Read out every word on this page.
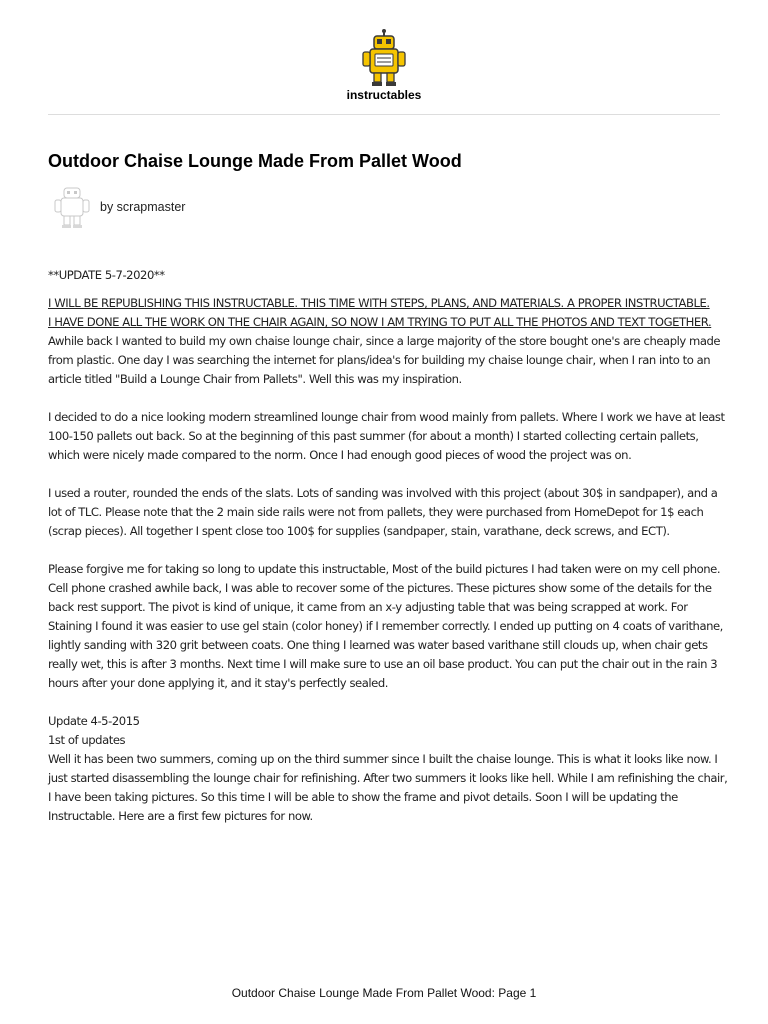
instructables
Outdoor Chaise Lounge Made From Pallet Wood
by scrapmaster

**UPDATE 5-7-2020**

I WILL BE REPUBLISHING THIS INSTRUCTABLE. THIS TIME WITH STEPS, PLANS, AND MATERIALS. A PROPER INSTRUCTABLE.

I HAVE DONE ALL THE WORK ON THE CHAIR AGAIN, SO NOW I AM TRYING TO PUT ALL THE PHOTOS AND TEXT TOGETHER.

Awhile back I wanted to build my own chaise lounge chair, since a large majority of the store bought one's are cheaply made from plastic. One day I was searching the internet for plans/idea's for building my chaise lounge chair, when I ran into to an article titled "Build a Lounge Chair from Pallets". Well this was my inspiration.

I decided to do a nice looking modern streamlined lounge chair from wood mainly from pallets. Where I work we have at least 100-150 pallets out back. So at the beginning of this past summer (for about a month) I started collecting certain pallets, which were nicely made compared to the norm. Once I had enough good pieces of wood the project was on.

I used a router, rounded the ends of the slats. Lots of sanding was involved with this project (about 30$ in sandpaper), and a lot of TLC. Please note that the 2 main side rails were not from pallets, they were purchased from HomeDepot for 1$ each (scrap pieces). All together I spent close too 100$ for supplies (sandpaper, stain, varathane, deck screws, and ECT).

Please forgive me for taking so long to update this instructable, Most of the build pictures I had taken were on my cell phone. Cell phone crashed awhile back, I was able to recover some of the pictures. These pictures show some of the details for the back rest support. The pivot is kind of unique, it came from an x-y adjusting table that was being scrapped at work. For Staining I found it was easier to use gel stain (color honey) if I remember correctly. I ended up putting on 4 coats of varithane, lightly sanding with 320 grit between coats. One thing I learned was water based varithane still clouds up, when chair gets really wet, this is after 3 months. Next time I will make sure to use an oil base product. You can put the chair out in the rain 3 hours after your done applying it, and it stay's perfectly sealed.

Update 4-5-2015

1st of updates

Well it has been two summers, coming up on the third summer since I built the chaise lounge. This is what it looks like now. I just started disassembling the lounge chair for refinishing. After two summers it looks like hell. While I am refinishing the chair, I have been taking pictures. So this time I will be able to show the frame and pivot details. Soon I will be updating the Instructable. Here are a first few pictures for now.

Outdoor Chaise Lounge Made From Pallet Wood: Page 1
